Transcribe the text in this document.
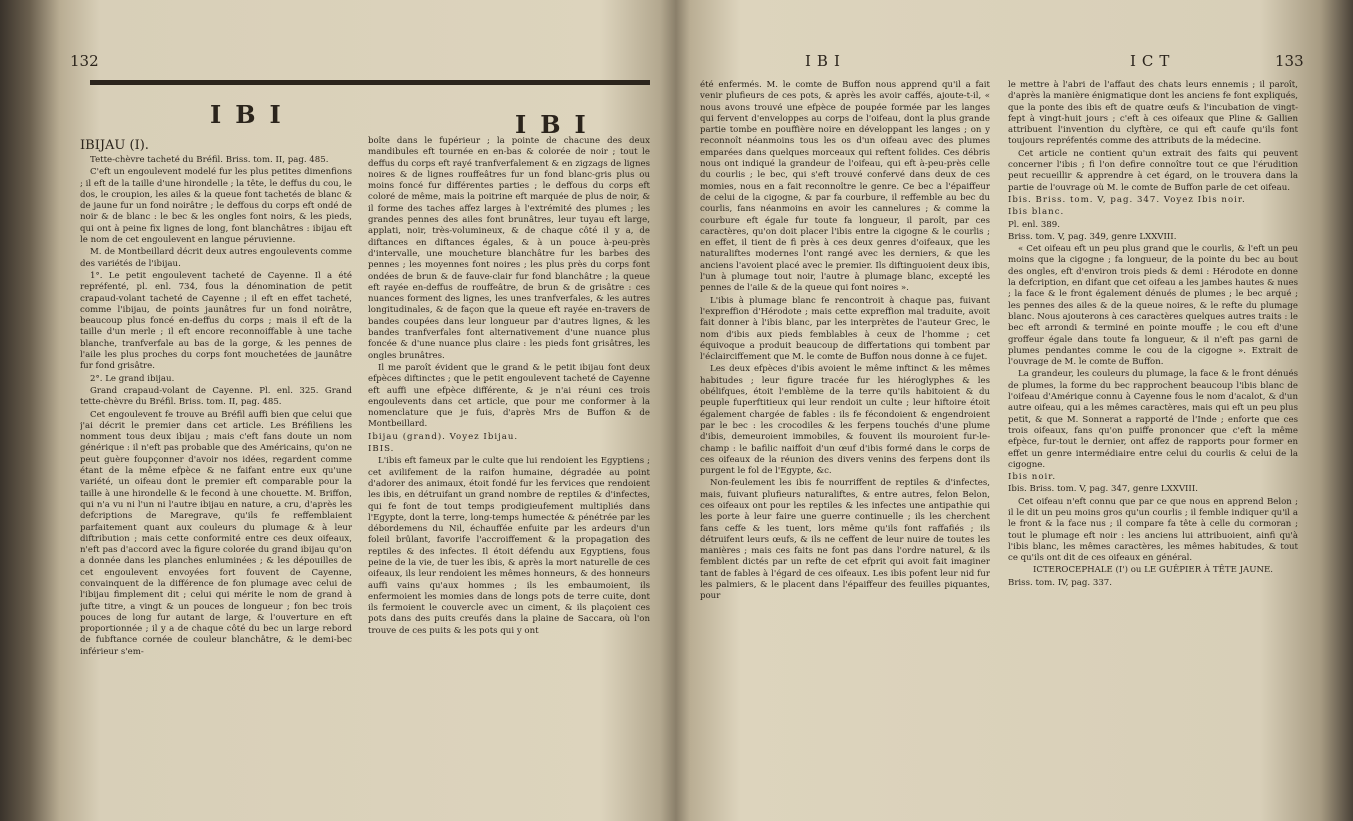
132
IBI	IBI

IBIJAU (I).

Tette-chèvre tacheté du Bréfil. Briss. tom. II, pag. 485.

C'eft un engoulevent modelé fur les plus petites dimenfions ; il eft de la taille d'une hirondelle ; la tête, le deffus du cou, le dos, le croupion, les ailes & la queue font tachetés de blanc & de jaune fur un fond noirâtre ; le deffous du corps eft ondé de noir & de blanc : le bec & les ongles font noirs, & les pieds, qui ont à peine fix lignes de long, font blanchâtres : ibijau eft le nom de cet engoulevent en langue péruvienne.

M. de Montbeillard décrit deux autres engoulevents comme des variétés de l'ibijau.

1°. Le petit engoulevent tacheté de Cayenne. Il a été repréfenté, pl. enl. 734, fous la dénomination de petit crapaud-volant tacheté de Cayenne ; il eft en effet tacheté, comme l'ibijau, de points jaunâtres fur un fond noirâtre, beaucoup plus foncé en-deffus du corps ; mais il eft de la taille d'un merle ; il eft encore reconnoiffable à une tache blanche, tranfverfale au bas de la gorge, & les pennes de l'aile les plus proches du corps font mouchetées de jaunâtre fur fond grisâtre.

2°. Le grand ibijau.

Grand crapaud-volant de Cayenne. Pl. enl. 325. Grand tette-chèvre du Bréfil. Briss. tom. II, pag. 485.

Cet engoulevent fe trouve au Bréfil auffi bien que celui que j'ai décrit le premier dans cet article. Les Bréfiliens les nomment tous deux ibijau ; mais c'eft fans doute un nom générique : il n'eft pas probable que des Américains, qu'on ne peut guère foupçonner d'avoir nos idées, regardent comme étant de la même efpèce & ne faifant entre eux qu'une variété, un oifeau dont le premier eft comparable pour la taille à une hirondelle & le fecond à une chouette. M. Briffon, qui n'a vu ni l'un ni l'autre ibijau en nature, a cru, d'après les defcriptions de Maregrave, qu'ils fe reffemblaient parfaitement quant aux couleurs du plumage & à leur diftribution ; mais cette conformité entre ces deux oifeaux, n'eft pas d'accord avec la figure colorée du grand ibijau qu'on a donnée dans les planches enluminées ; & les dépouilles de cet engoulevent envoyées fort fouvent de Cayenne, convainquent de la différence de fon plumage avec celui de l'ibijau fimplement dit ; celui qui mérite le nom de grand à jufte titre, a vingt & un pouces de longueur ; fon bec trois pouces de long fur autant de large, & l'ouverture en eft proportionnée ; il y a de chaque côté du bec un large rebord de fubftance cornée de couleur blanchâtre, & le demi-bec inférieur s'em-

boîte dans le fupérieur ; la pointe de chacune des deux mandibules eft tournée en en-bas & colorée de noir ; tout le deffus du corps eft rayé tranfverfalement & en zigzags de lignes noires & de lignes rouffeâtres fur un fond blanc-gris plus ou moins foncé fur différentes parties ; le deffous du corps eft coloré de même, mais la poitrine eft marquée de plus de noir, & il forme des taches affez larges à l'extrémité des plumes ; les grandes pennes des ailes font brunâtres, leur tuyau eft large, applati, noir, très-volumineux, & de chaque côté il y a, de diftances en diftances égales, & à un pouce à-peu-près d'intervalle, une moucheture blanchâtre fur les barbes des pennes ; les moyennes font noires ; les plus près du corps font ondées de brun & de fauve-clair fur fond blanchâtre ; la queue eft rayée en-deffus de rouffeâtre, de brun & de grisâtre : ces nuances forment des lignes, les unes tranfverfales, & les autres longitudinales, & de façon que la queue eft rayée en-travers de bandes coupées dans leur longueur par d'autres lignes, & les bandes tranfverfales font alternativement d'une nuance plus foncée & d'une nuance plus claire : les pieds font grisâtres, les ongles brunâtres.

Il me paroît évident que le grand & le petit ibijau font deux efpèces diftinctes ; que le petit engoulevent tacheté de Cayenne eft auffi une efpèce différente, & je n'ai réuni ces trois engoulevents dans cet article, que pour me conformer à la nomenclature que je fuis, d'après Mrs de Buffon & de Montbeillard.

Ibijau (grand). Voyez Ibijau.

IBIS.

L'ibis eft fameux par le culte que lui rendoient les Egyptiens ; cet avilifement de la raifon humaine, dégradée au point d'adorer des animaux, étoit fondé fur les fervices que rendoient les ibis, en détruifant un grand nombre de reptiles & d'infectes, qui fe font de tout temps prodigieufement multipliés dans l'Egypte, dont la terre, long-temps humectée & pénétrée par les débordemens du Nil, échauffée enfuite par les ardeurs d'un foleil brûlant, favorife l'accroiffement & la propagation des reptiles & des infectes. Il étoit défendu aux Egyptiens, fous peine de la vie, de tuer les ibis, & après la mort naturelle de ces oifeaux, ils leur rendoient les mêmes honneurs, & des honneurs auffi vains qu'aux hommes ; ils les embaumoient, ils enfermoient les momies dans de longs pots de terre cuite, dont ils fermoient le couvercle avec un ciment, & ils plaçoient ces pots dans des puits creufés dans la plaine de Saccara, où l'on trouve de ces puits & les pots qui y ont

IBI	ICT	133

été enfermés. M. le comte de Buffon nous apprend qu'il a fait venir plufieurs de ces pots, & après les avoir caffés, ajoute-t-il, « nous avons trouvé une efpèce de poupée formée par les langes qui fervent d'enveloppes au corps de l'oifeau, dont la plus grande partie tombe en pouffière noire en développant les langes ; on y reconnoît néanmoins tous les os d'un oifeau avec des plumes emparées dans quelques morceaux qui reftent folides. Ces débris nous ont indiqué la grandeur de l'oifeau, qui eft à-peu-près celle du courlis ; le bec, qui s'eft trouvé confervé dans deux de ces momies, nous en a fait reconnoître le genre. Ce bec a l'épaiffeur de celui de la cigogne, & par fa courbure, il reffemble au bec du courlis, fans néanmoins en avoir les cannelures ; & comme la courbure eft égale fur toute fa longueur, il paroît, par ces caractères, qu'on doit placer l'ibis entre la cigogne & le courlis ; en effet, il tient de fi près à ces deux genres d'oifeaux, que les naturaliftes modernes l'ont rangé avec les derniers, & que les anciens l'avoient placé avec le premier. Ils diftinguoient deux ibis, l'un à plumage tout noir, l'autre à plumage blanc, excepté les pennes de l'aile & de la queue qui font noires ».

L'ibis à plumage blanc fe rencontroit à chaque pas, fuivant l'expreffion d'Hérodote ; mais cette expreffion mal traduite, avoit fait donner à l'ibis blanc, par les interprètes de l'auteur Grec, le nom d'ibis aux pieds femblables à ceux de l'homme ; cet équivoque a produit beaucoup de differtations qui tombent par l'éclairciffement que M. le comte de Buffon nous donne à ce fujet.

Les deux efpèces d'ibis avoient le même inftinct & les mêmes habitudes ; leur figure tracée fur les hiéroglyphes & les obélifques, étoit l'emblème de la terre qu'ils habitoient & du peuple fuperftitieux qui leur rendoit un culte ; leur hiftoire étoit également chargée de fables : ils fe fécondoient & engendroient par le bec : les crocodiles & les ferpens touchés d'une plume d'ibis, demeuroient immobiles, & fouvent ils mouroient fur-le-champ : le bafilic naiffoit d'un œuf d'ibis formé dans le corps de ces oifeaux de la réunion des divers venins des ferpens dont ils purgent le fol de l'Egypte, &c.

Non-feulement les ibis fe nourriffent de reptiles & d'infectes, mais, fuivant plufieurs naturaliftes, & entre autres, felon Belon, ces oifeaux ont pour les reptiles & les infectes une antipathie qui les porte à leur faire une guerre continuelle ; ils les cherchent fans ceffe & les tuent, lors même qu'ils font raffafiés ; ils détruifent leurs œufs, & ils ne ceffent de leur nuire de toutes les manières ; mais ces faits ne font pas dans l'ordre naturel, & ils femblent dictés par un refte de cet efprit qui avoit fait imaginer tant de fables à l'égard de ces oifeaux. Les ibis pofent leur nid fur les palmiers, & le placent dans l'épaiffeur des feuilles piquantes, pour

le mettre à l'abri de l'affaut des chats leurs ennemis ; il paroît, d'après la manière énigmatique dont les anciens fe font expliqués, que la ponte des ibis eft de quatre œufs & l'incubation de vingt-fept à vingt-huit jours ; c'eft à ces oifeaux que Pline & Gallien attribuent l'invention du clyftère, ce qui eft caufe qu'ils font toujours repréfentés comme des attributs de la médecine.

Cet article ne contient qu'un extrait des faits qui peuvent concerner l'ibis ; fi l'on defire connoître tout ce que l'érudition peut recueillir & apprendre à cet égard, on le trouvera dans la partie de l'ouvrage où M. le comte de Buffon parle de cet oifeau.

Ibis. Briss. tom. V, pag. 347. Voyez Ibis noir.

Ibis blanc.

Pl. enl. 389.

Briss. tom. V, pag. 349, genre LXXVIII.

« Cet oifeau eft un peu plus grand que le courlis, & l'eft un peu moins que la cigogne ; fa longueur, de la pointe du bec au bout des ongles, eft d'environ trois pieds & demi : Hérodote en donne la defcription, en difant que cet oifeau a les jambes hautes & nues ; la face & le front également dénués de plumes ; le bec arqué ; les pennes des ailes & de la queue noires, & le refte du plumage blanc. Nous ajouterons à ces caractères quelques autres traits : le bec eft arrondi & terminé en pointe mouffe ; le cou eft d'une groffeur égale dans toute fa longueur, & il n'eft pas garni de plumes pendantes comme le cou de la cigogne ». Extrait de l'ouvrage de M. le comte de Buffon.

La grandeur, les couleurs du plumage, la face & le front dénués de plumes, la forme du bec rapprochent beaucoup l'ibis blanc de l'oifeau d'Amérique connu à Cayenne fous le nom d'acalot, & d'un autre oifeau, qui a les mêmes caractères, mais qui eft un peu plus petit, & que M. Sonnerat a rapporté de l'Inde ; enforte que ces trois oifeaux, fans qu'on puiffe prononcer que c'eft la même efpèce, fur-tout le dernier, ont affez de rapports pour former en effet un genre intermédiaire entre celui du courlis & celui de la cigogne.

Ibis noir.

Ibis. Briss. tom. V, pag. 347, genre LXXVIII.

Cet oifeau n'eft connu que par ce que nous en apprend Belon ; il le dit un peu moins gros qu'un courlis ; il femble indiquer qu'il a le front & la face nus ; il compare fa tête à celle du cormoran ; tout le plumage eft noir : les anciens lui attribuoient, ainfi qu'à l'ibis blanc, les mêmes caractères, les mêmes habitudes, & tout ce qu'ils ont dit de ces oifeaux en général.

ICTEROCEPHALE (I') ou LE GUÊPIER À TÊTE JAUNE.

Briss. tom. IV, pag. 337.
